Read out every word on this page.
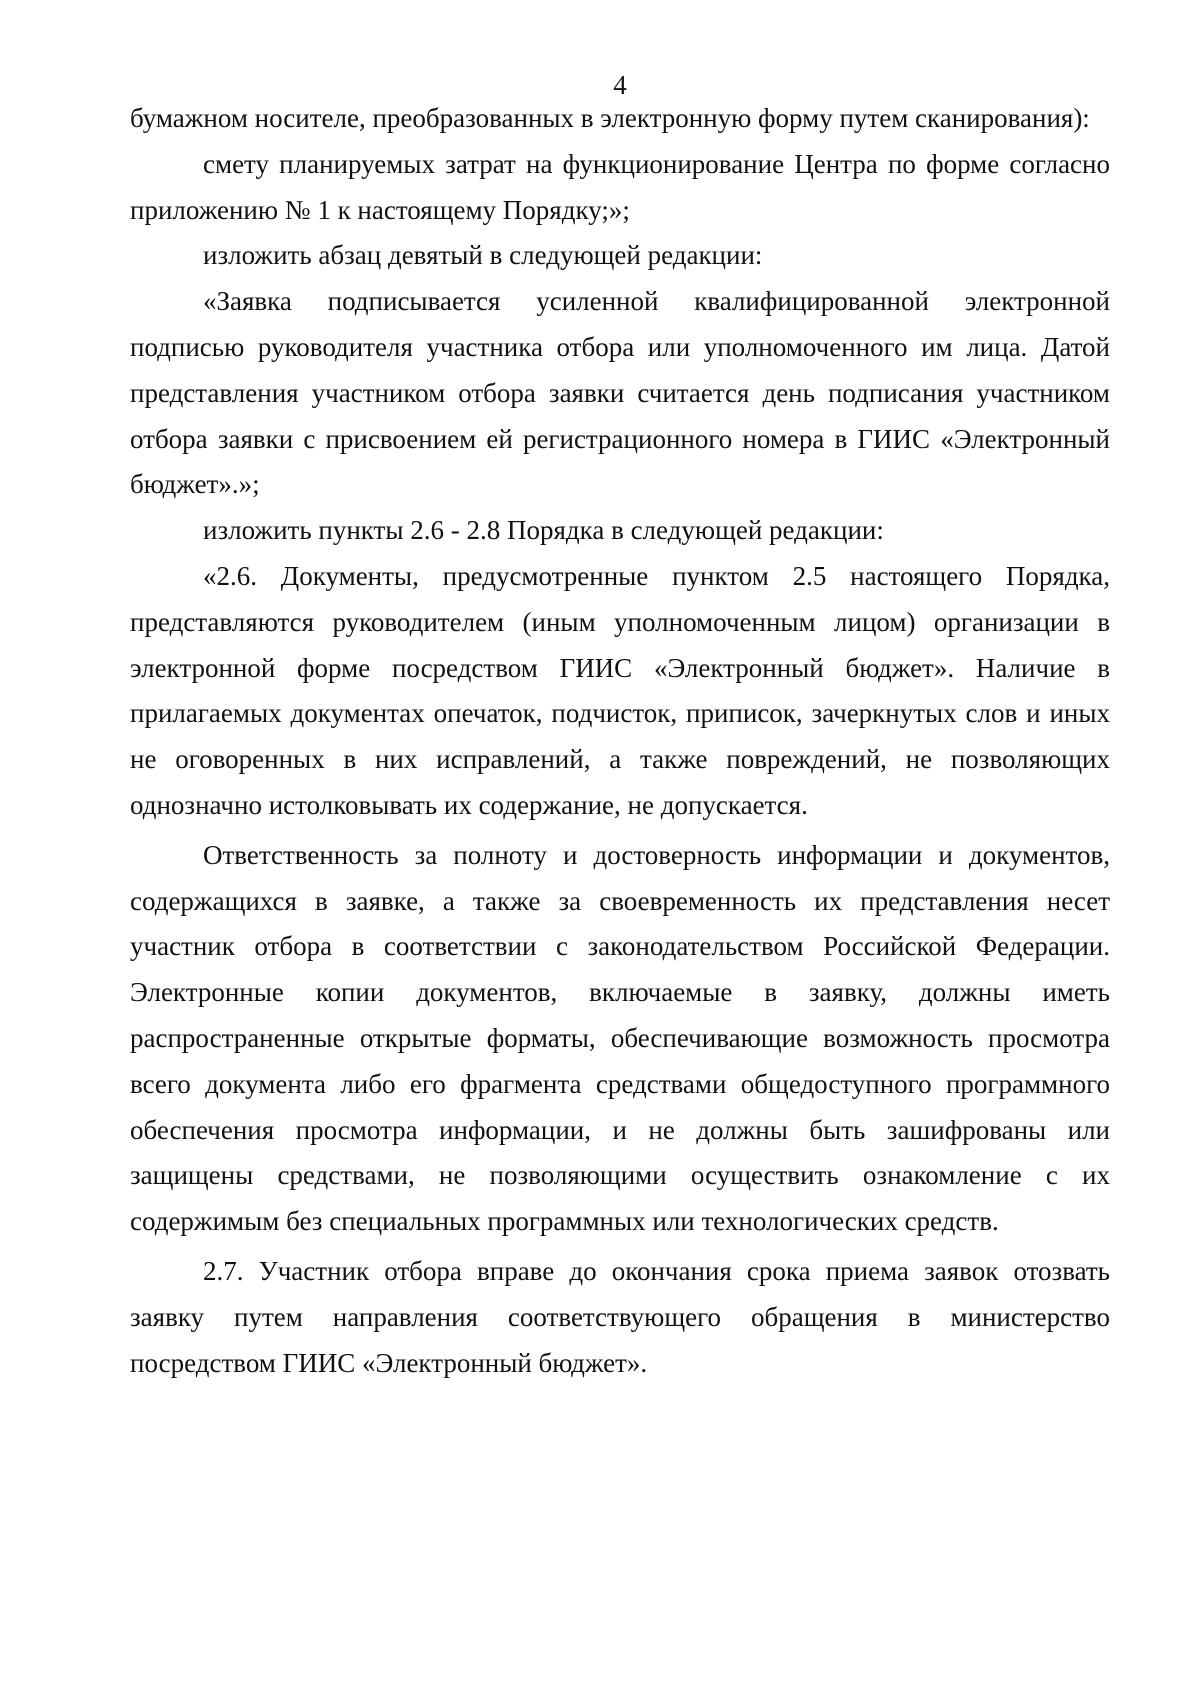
4

бумажном носителе, преобразованных в электронную форму путем сканирования):

смету планируемых затрат на функционирование Центра по форме согласно приложению № 1 к настоящему Порядку;»;

изложить абзац девятый в следующей редакции:

«Заявка подписывается усиленной квалифицированной электронной подписью руководителя участника отбора или уполномоченного им лица. Датой представления участником отбора заявки считается день подписания участником отбора заявки с присвоением ей регистрационного номера в ГИИС «Электронный бюджет».»;

изложить пункты 2.6 - 2.8 Порядка в следующей редакции:

«2.6. Документы, предусмотренные пунктом 2.5 настоящего Порядка, представляются руководителем (иным уполномоченным лицом) организации в электронной форме посредством ГИИС «Электронный бюджет». Наличие в прилагаемых документах опечаток, подчисток, приписок, зачеркнутых слов и иных не оговоренных в них исправлений, а также повреждений, не позволяющих однозначно истолковывать их содержание, не допускается.

Ответственность за полноту и достоверность информации и документов, содержащихся в заявке, а также за своевременность их представления несет участник отбора в соответствии с законодательством Российской Федерации. Электронные копии документов, включаемые в заявку, должны иметь распространенные открытые форматы, обеспечивающие возможность просмотра всего документа либо его фрагмента средствами общедоступного программного обеспечения просмотра информации, и не должны быть зашифрованы или защищены средствами, не позволяющими осуществить ознакомление с их содержимым без специальных программных или технологических средств.

2.7. Участник отбора вправе до окончания срока приема заявок отозвать заявку путем направления соответствующего обращения в министерство посредством ГИИС «Электронный бюджет».
